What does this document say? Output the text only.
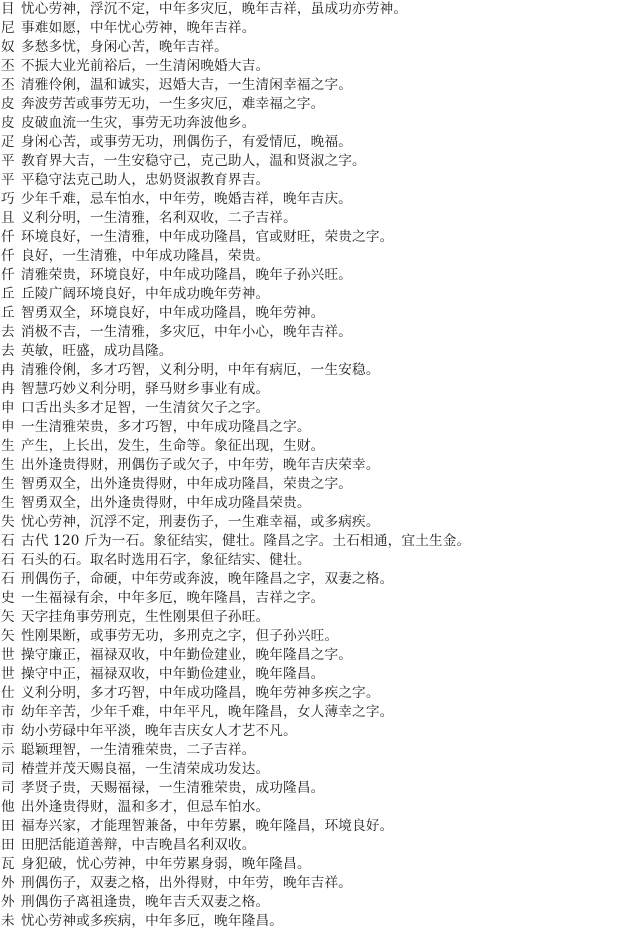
目 忧心劳神，浮沉不定，中年多灾厄，晚年吉祥，虽成功亦劳神。
尼 事难如愿，中年忧心劳神，晚年吉祥。
奴 多愁多忧，身闲心苦，晚年吉祥。
丕 不振大业光前裕后，一生清闲晚婚大吉。
丕 清雅伶俐，温和诚实，迟婚大吉，一生清闲幸福之字。
皮 奔波劳苦或事劳无功，一生多灾厄，难幸福之字。
皮 皮破血流一生灾，事劳无功奔波他乡。
疋 身闲心苦，或事劳无功，刑偶伤子，有爱情厄，晚福。
平 教育界大吉，一生安稳守己，克己助人，温和贤淑之字。
平 平稳守法克己助人，忠奶贤淑教育界吉。
巧 少年千难，忌车怕水，中年劳，晚婚吉祥，晚年吉庆。
且 义利分明，一生清雅，名利双收，二子吉祥。
仟 环境良好，一生清雅，中年成功隆昌，官或财旺，荣贵之字。
仟 良好，一生清雅，中年成功隆昌，荣贵。
仟 清雅荣贵，环境良好，中年成功隆昌，晚年子孙兴旺。
丘 丘陵广阔环境良好，中年成功晚年劳神。
丘 智勇双全，环境良好，中年成功隆昌，晚年劳神。
去 消极不吉，一生清雅，多灾厄，中年小心，晚年吉祥。
去 英敏，旺盛，成功昌隆。
冉 清雅伶俐，多才巧智，义利分明，中年有病厄，一生安稳。
冉 智慧巧妙义利分明，驿马财乡事业有成。
申 口舌出头多才足智，一生清贫欠子之字。
申 一生清雅荣贵，多才巧智，中年成功隆昌之字。
生 产生，上长出，发生，生命等。象征出现，生财。
生 出外逢贵得财，刑偶伤子或欠子，中年劳，晚年吉庆荣幸。
生 智勇双全，出外逢贵得财，中年成功隆昌，荣贵之字。
生 智勇双全，出外逢贵得财，中年成功隆昌荣贵。
失 忧心劳神，沉浮不定，刑妻伤子，一生难幸福，或多病疾。
石 古代 120 斤为一石。象征结实，健壮。隆昌之字。土石相通，宜土生金。
石 石头的石。取名时选用石字，象征结实、健壮。
石 刑偶伤子，命硬，中年劳或奔波，晚年隆昌之字，双妻之格。
史 一生福禄有余，中年多厄，晚年隆昌，吉祥之字。
矢 天字挂角事劳刑克，生性刚果但子孙旺。
矢 性刚果断，或事劳无功，多刑克之字，但子孙兴旺。
世 操守廉正，福禄双收，中年勤俭建业，晚年隆昌之字。
世 操守中正，福禄双收，中年勤俭建业，晚年隆昌。
仕 义利分明，多才巧智，中年成功隆昌，晚年劳神多疾之字。
市 幼年辛苦，少年千难，中年平凡，晚年隆昌，女人薄幸之字。
市 幼小劳碌中年平淡，晚年吉庆女人才艺不凡。
示 聪颖理智，一生清雅荣贵，二子吉祥。
司 椿萱并茂天赐良福，一生清荣成功发达。
司 孝贤子贵，天赐福禄，一生清雅荣贵，成功隆昌。
他 出外逢贵得财，温和多才，但忌车怕水。
田 福寿兴家，才能理智兼备，中年劳累，晚年隆昌，环境良好。
田 田肥活能道善辩，中吉晚昌名利双收。
瓦 身犯破，忧心劳神，中年劳累身弱，晚年隆昌。
外 刑偶伤子，双妻之格，出外得财，中年劳，晚年吉祥。
外 刑偶伤子离祖逢贵，晚年吉夭双妻之格。
未 忧心劳神或多疾病，中年多厄，晚年隆昌。
